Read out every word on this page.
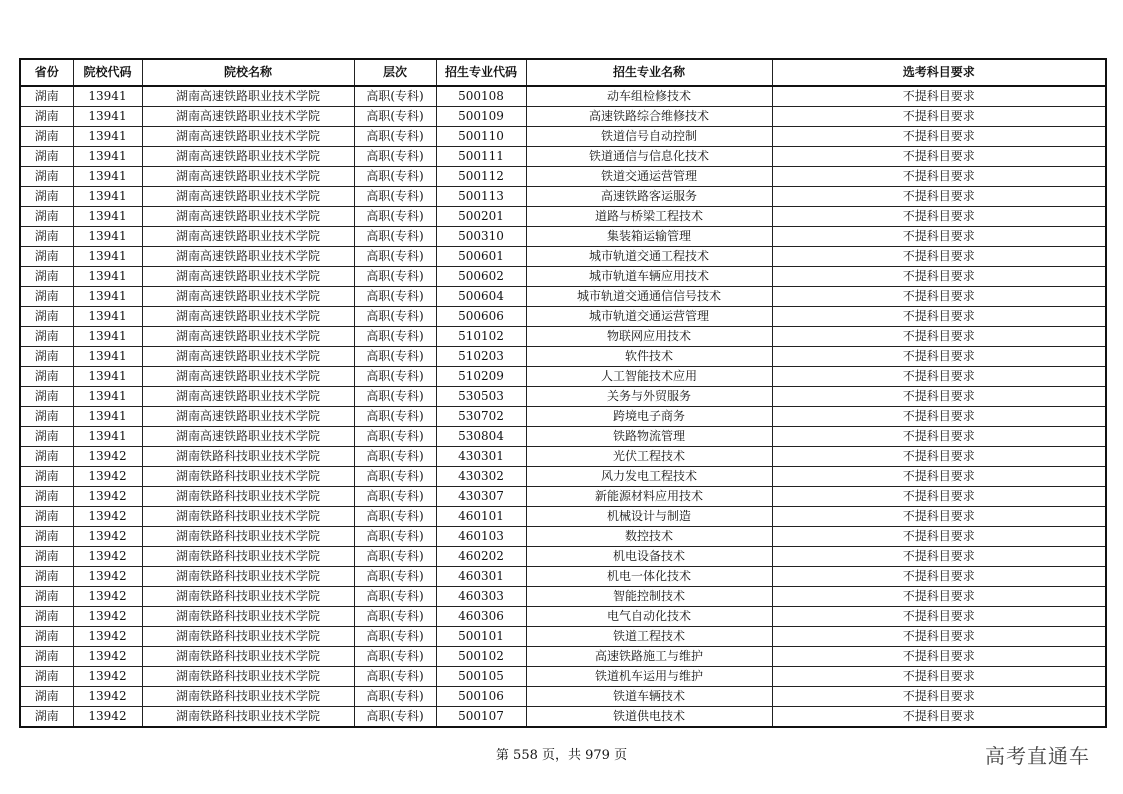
省份	院校代码	院校名称	层次	招生专业代码	招生专业名称	选考科目要求
湖南	13941	湖南高速铁路职业技术学院	高职(专科)	500108	动车组检修技术	不提科目要求
湖南	13941	湖南高速铁路职业技术学院	高职(专科)	500109	高速铁路综合维修技术	不提科目要求
湖南	13941	湖南高速铁路职业技术学院	高职(专科)	500110	铁道信号自动控制	不提科目要求
湖南	13941	湖南高速铁路职业技术学院	高职(专科)	500111	铁道通信与信息化技术	不提科目要求
湖南	13941	湖南高速铁路职业技术学院	高职(专科)	500112	铁道交通运营管理	不提科目要求
湖南	13941	湖南高速铁路职业技术学院	高职(专科)	500113	高速铁路客运服务	不提科目要求
湖南	13941	湖南高速铁路职业技术学院	高职(专科)	500201	道路与桥梁工程技术	不提科目要求
湖南	13941	湖南高速铁路职业技术学院	高职(专科)	500310	集装箱运输管理	不提科目要求
湖南	13941	湖南高速铁路职业技术学院	高职(专科)	500601	城市轨道交通工程技术	不提科目要求
湖南	13941	湖南高速铁路职业技术学院	高职(专科)	500602	城市轨道车辆应用技术	不提科目要求
湖南	13941	湖南高速铁路职业技术学院	高职(专科)	500604	城市轨道交通通信信号技术	不提科目要求
湖南	13941	湖南高速铁路职业技术学院	高职(专科)	500606	城市轨道交通运营管理	不提科目要求
湖南	13941	湖南高速铁路职业技术学院	高职(专科)	510102	物联网应用技术	不提科目要求
湖南	13941	湖南高速铁路职业技术学院	高职(专科)	510203	软件技术	不提科目要求
湖南	13941	湖南高速铁路职业技术学院	高职(专科)	510209	人工智能技术应用	不提科目要求
湖南	13941	湖南高速铁路职业技术学院	高职(专科)	530503	关务与外贸服务	不提科目要求
湖南	13941	湖南高速铁路职业技术学院	高职(专科)	530702	跨境电子商务	不提科目要求
湖南	13941	湖南高速铁路职业技术学院	高职(专科)	530804	铁路物流管理	不提科目要求
湖南	13942	湖南铁路科技职业技术学院	高职(专科)	430301	光伏工程技术	不提科目要求
湖南	13942	湖南铁路科技职业技术学院	高职(专科)	430302	风力发电工程技术	不提科目要求
湖南	13942	湖南铁路科技职业技术学院	高职(专科)	430307	新能源材料应用技术	不提科目要求
湖南	13942	湖南铁路科技职业技术学院	高职(专科)	460101	机械设计与制造	不提科目要求
湖南	13942	湖南铁路科技职业技术学院	高职(专科)	460103	数控技术	不提科目要求
湖南	13942	湖南铁路科技职业技术学院	高职(专科)	460202	机电设备技术	不提科目要求
湖南	13942	湖南铁路科技职业技术学院	高职(专科)	460301	机电一体化技术	不提科目要求
湖南	13942	湖南铁路科技职业技术学院	高职(专科)	460303	智能控制技术	不提科目要求
湖南	13942	湖南铁路科技职业技术学院	高职(专科)	460306	电气自动化技术	不提科目要求
湖南	13942	湖南铁路科技职业技术学院	高职(专科)	500101	铁道工程技术	不提科目要求
湖南	13942	湖南铁路科技职业技术学院	高职(专科)	500102	高速铁路施工与维护	不提科目要求
湖南	13942	湖南铁路科技职业技术学院	高职(专科)	500105	铁道机车运用与维护	不提科目要求
湖南	13942	湖南铁路科技职业技术学院	高职(专科)	500106	铁道车辆技术	不提科目要求
湖南	13942	湖南铁路科技职业技术学院	高职(专科)	500107	铁道供电技术	不提科目要求
第 558 页，共 979 页	高考直通车
